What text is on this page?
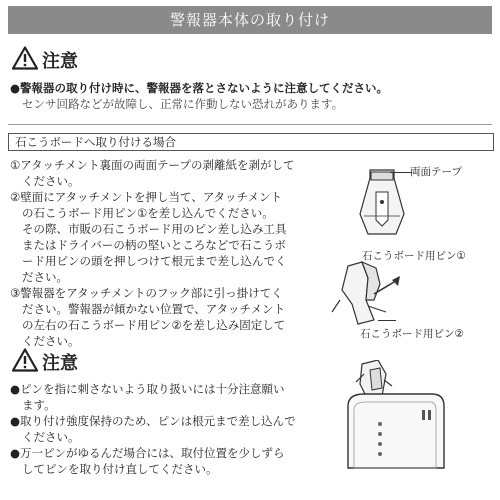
警報器本体の取り付け
注意
●警報器の取り付け時に、警報器を落とさないように注意してください。
センサ回路などが故障し、正常に作動しない恐れがあります。
石こうボードへ取り付ける場合
①アタッチメント裏面の両面テープの剥離紙を剥がして
ください。
②壁面にアタッチメントを押し当て、アタッチメント
の石こうボード用ピン①を差し込んでください。
その際、市販の石こうボード用のピン差し込み工具
またはドライバーの柄の堅いところなどで石こうボ
ード用ピンの頭を押しつけて根元まで差し込んでく
ださい。
③警報器をアタッチメントのフック部に引っ掛けてく
ださい。警報器が傾かない位置で、アタッチメント
の左右の石こうボード用ピン②を差し込み固定して
ください。
両面テープ
石こうボード用ピン①
石こうボード用ピン②
注意
●ピンを指に刺さないよう取り扱いには十分注意願い
ます。
●取り付け強度保持のため、ピンは根元まで差し込んで
ください。
●万一ピンがゆるんだ場合には、取付位置を少しずら
してピンを取り付け直してください。
